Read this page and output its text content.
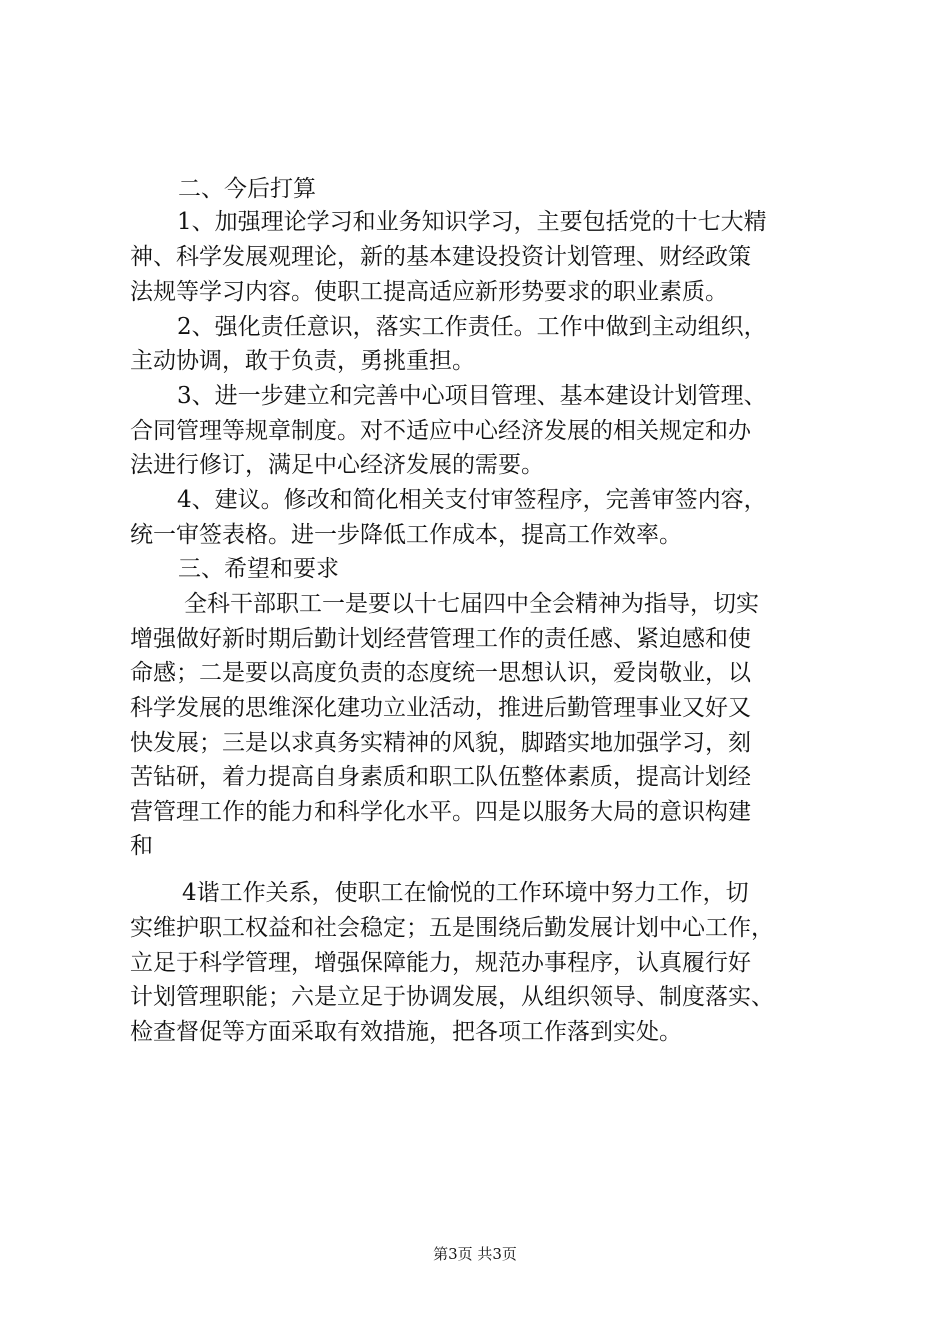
二、今后打算
1、加强理论学习和业务知识学习，主要包括党的十七大精
神、科学发展观理论，新的基本建设投资计划管理、财经政策
法规等学习内容。使职工提高适应新形势要求的职业素质。
2、强化责任意识，落实工作责任。工作中做到主动组织，
主动协调，敢于负责，勇挑重担。
3、进一步建立和完善中心项目管理、基本建设计划管理、
合同管理等规章制度。对不适应中心经济发展的相关规定和办
法进行修订，满足中心经济发展的需要。
4、建议。修改和简化相关支付审签程序，完善审签内容，
统一审签表格。进一步降低工作成本，提高工作效率。
三、希望和要求
全科干部职工一是要以十七届四中全会精神为指导，切实
增强做好新时期后勤计划经营管理工作的责任感、紧迫感和使
命感；二是要以高度负责的态度统一思想认识，爱岗敬业，以
科学发展的思维深化建功立业活动，推进后勤管理事业又好又
快发展；三是以求真务实精神的风貌，脚踏实地加强学习，刻
苦钻研，着力提高自身素质和职工队伍整体素质，提高计划经
营管理工作的能力和科学化水平。四是以服务大局的意识构建
和
4谐工作关系，使职工在愉悦的工作环境中努力工作，切
实维护职工权益和社会稳定；五是围绕后勤发展计划中心工作，
立足于科学管理，增强保障能力，规范办事程序，认真履行好
计划管理职能；六是立足于协调发展，从组织领导、制度落实、
检查督促等方面采取有效措施，把各项工作落到实处。
第3页 共3页
